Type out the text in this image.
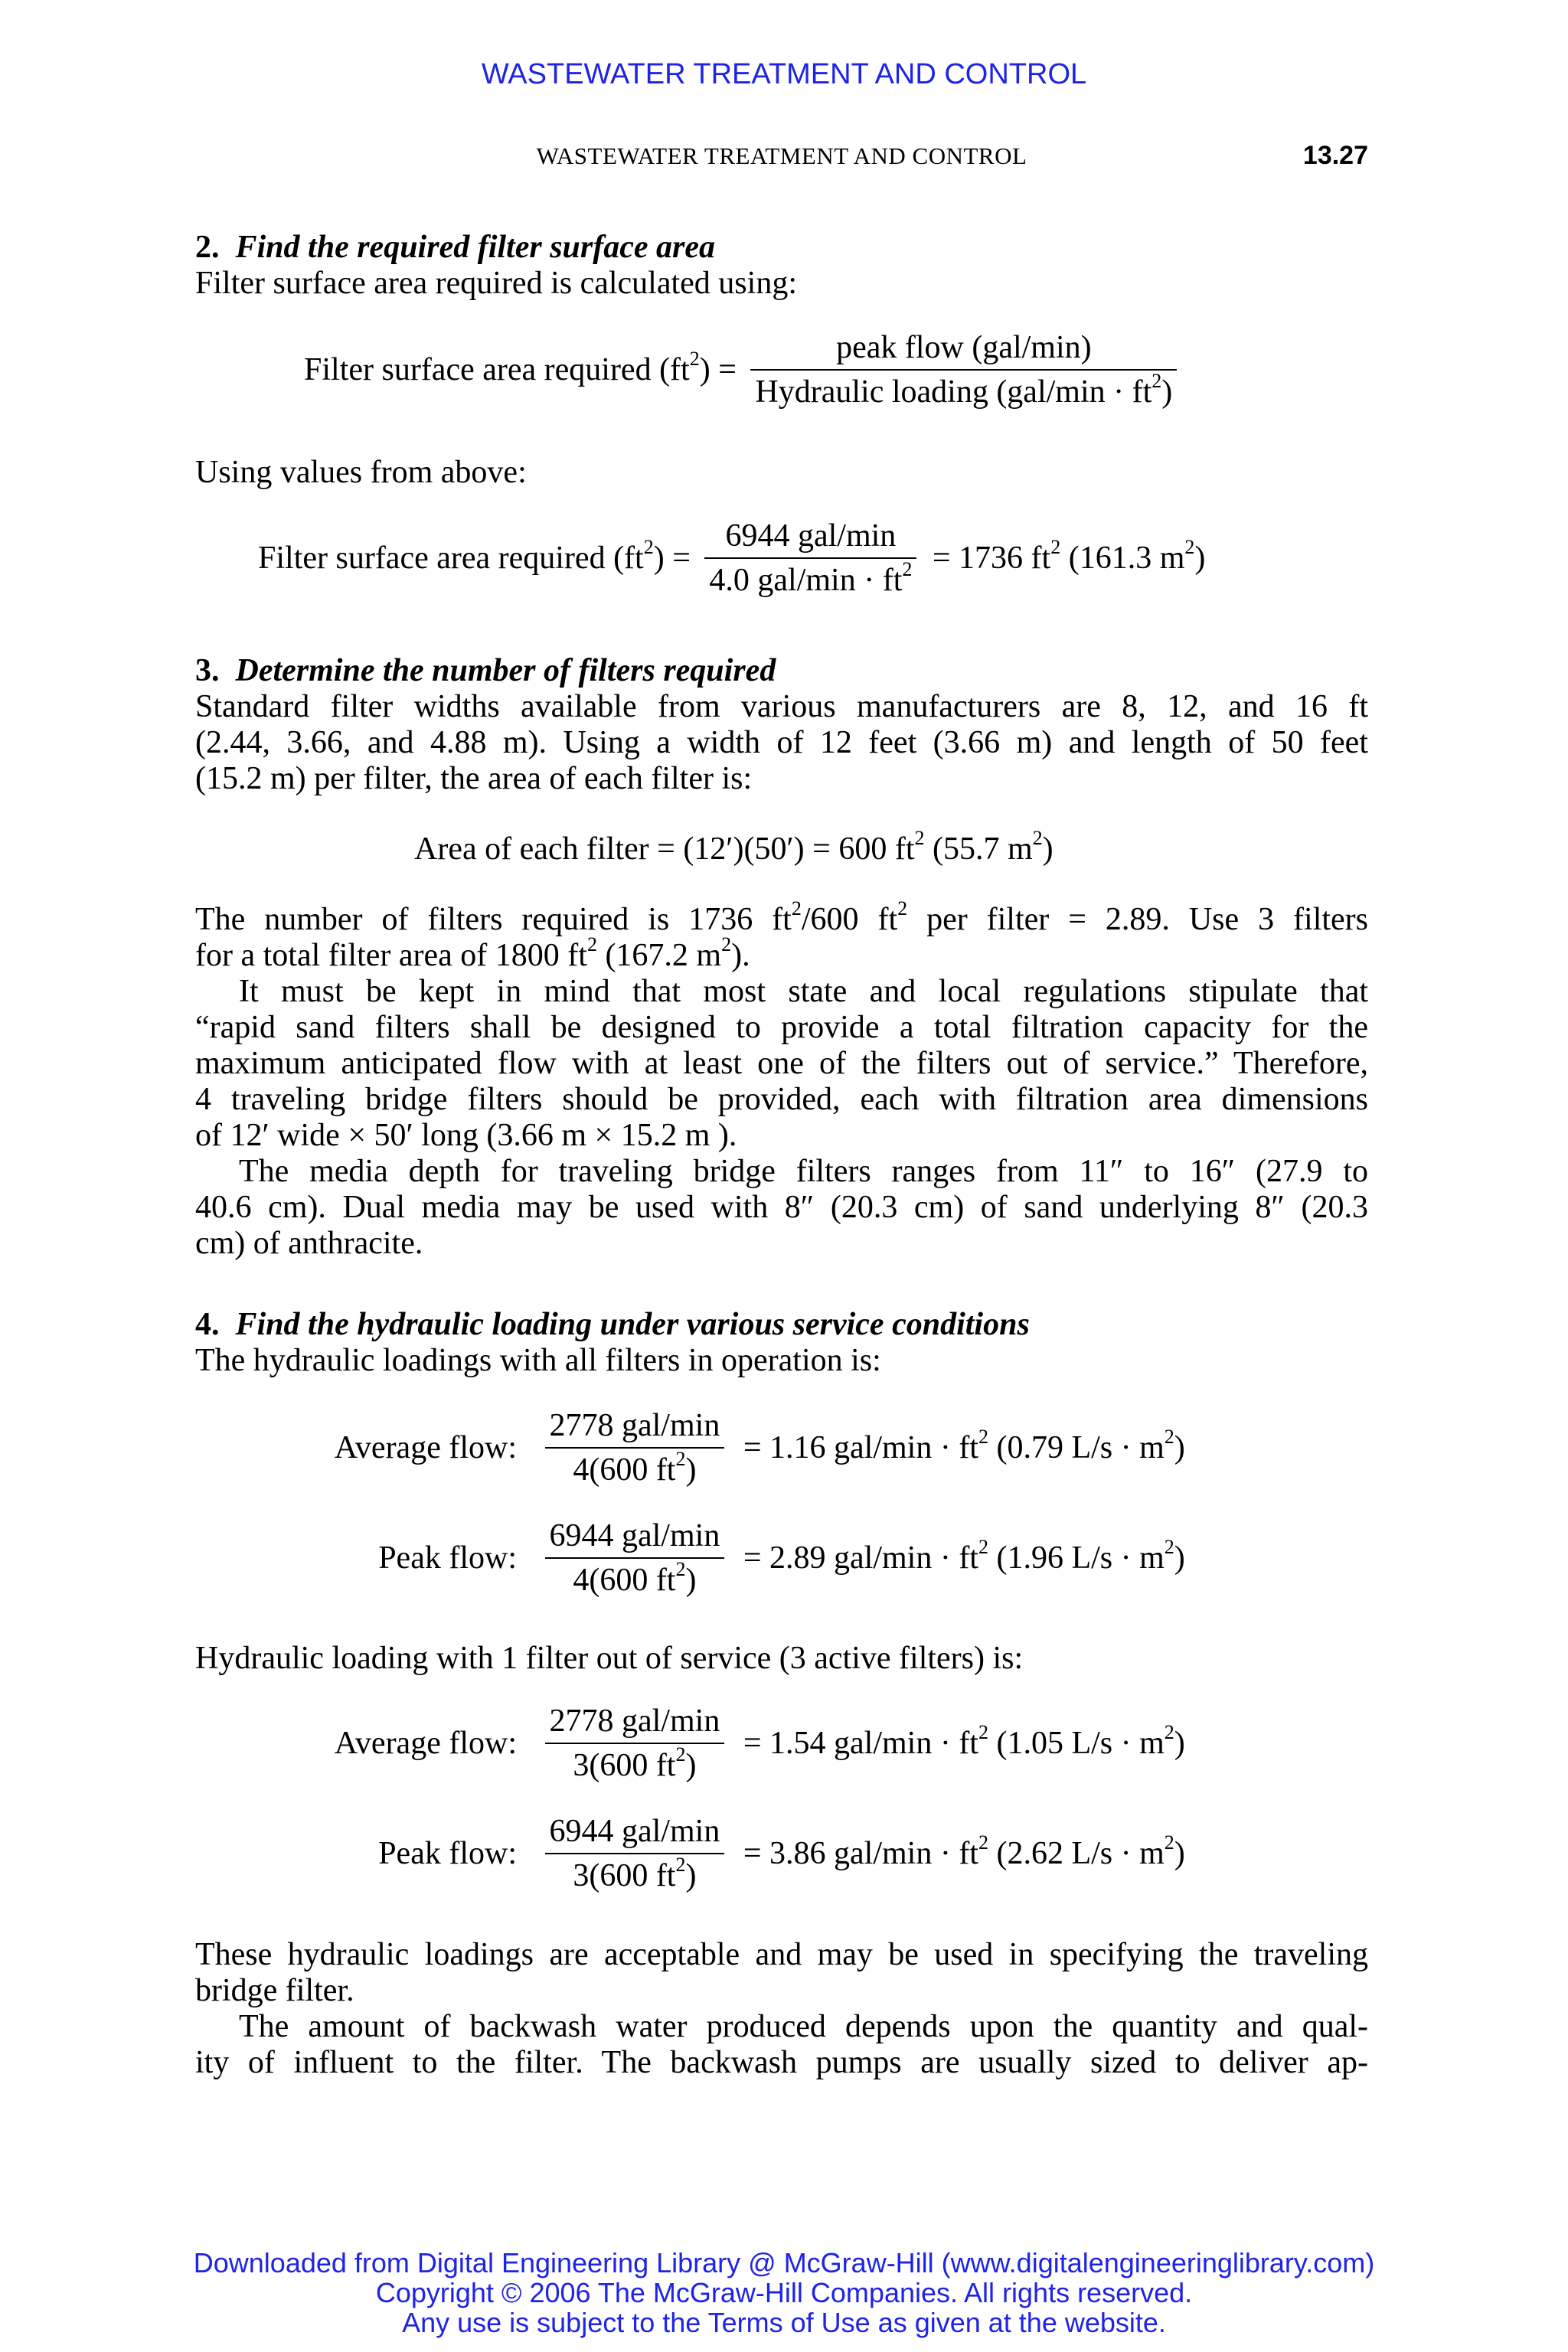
WASTEWATER TREATMENT AND CONTROL
WASTEWATER TREATMENT AND CONTROL	13.27
2. Find the required filter surface area
Filter surface area required is calculated using:
Filter surface area required $(ft^2) = \frac{\text{peak flow (gal/min)}}{Hydraulic loading (gal/\min \cdot ft^2)}$
Using values from above:
Filter surface area required $(ft^2) = \frac{\text{6944 gal/min}}{4.0 gal/\min \cdot ft^2} = 1736$ $ft^2$ (161.3 $m^2$)
3. Determine the number of filters required
Standard filter widths available from various manufacturers are 8, 12, and 16 ft
(2.44, 3.66, and 4.88 m). Using a width of 12 feet (3.66 m) and length of 50 feet
(15.2 m) per filter, the area of each filter is:
Area of each filter = (12′)(50′) = 600 $ft^2$ (55.7 $m^2$)
The number of filters required is 1736 $ft^2/600$ $ft^2$ per filter = 2.89. Use 3 filters
for a total filter area of 1800 $ft^2$ (167.2 $m^2$).
It must be kept in mind that most state and local regulations stipulate that
“rapid sand filters shall be designed to provide a total filtration capacity for the
maximum anticipated flow with at least one of the filters out of service.” Therefore,
4 traveling bridge filters should be provided, each with filtration area dimensions
of 12′ wide × 50′ long (3.66 m × 15.2 m ).
The media depth for traveling bridge filters ranges from 11″ to 16″ (27.9 to
40.6 cm). Dual media may be used with 8″ (20.3 cm) of sand underlying 8″ (20.3
cm) of anthracite.
4. Find the hydraulic loading under various service conditions
The hydraulic loadings with all filters in operation is:
Average flow: $\frac{\text{2778 gal/min}}{4(600 ft^2)} = 1.16$ $gal/\min \cdot ft^2$ (0.79 $L/s \cdot m^2$)
Peak flow: $\frac{\text{6944 gal/min}}{4(600 ft^2)} = 2.89$ $gal/\min \cdot ft^2$ (1.96 $L/s \cdot m^2$)
Hydraulic loading with 1 filter out of service (3 active filters) is:
Average flow: $\frac{\text{2778 gal/min}}{3(600 ft^2)} = 1.54$ $gal/\min \cdot ft^2$ (1.05 $L/s \cdot m^2$)
Peak flow: $\frac{\text{6944 gal/min}}{3(600 ft^2)} = 3.86$ $gal/\min \cdot ft^2$ (2.62 $L/s \cdot m^2$)
These hydraulic loadings are acceptable and may be used in specifying the traveling
bridge filter.
The amount of backwash water produced depends upon the quantity and qual-
ity of influent to the filter. The backwash pumps are usually sized to deliver ap-
Downloaded from Digital Engineering Library @ McGraw-Hill (www.digitalengineeringlibrary.com)
Copyright © 2006 The McGraw-Hill Companies. All rights reserved.
Any use is subject to the Terms of Use as given at the website.
